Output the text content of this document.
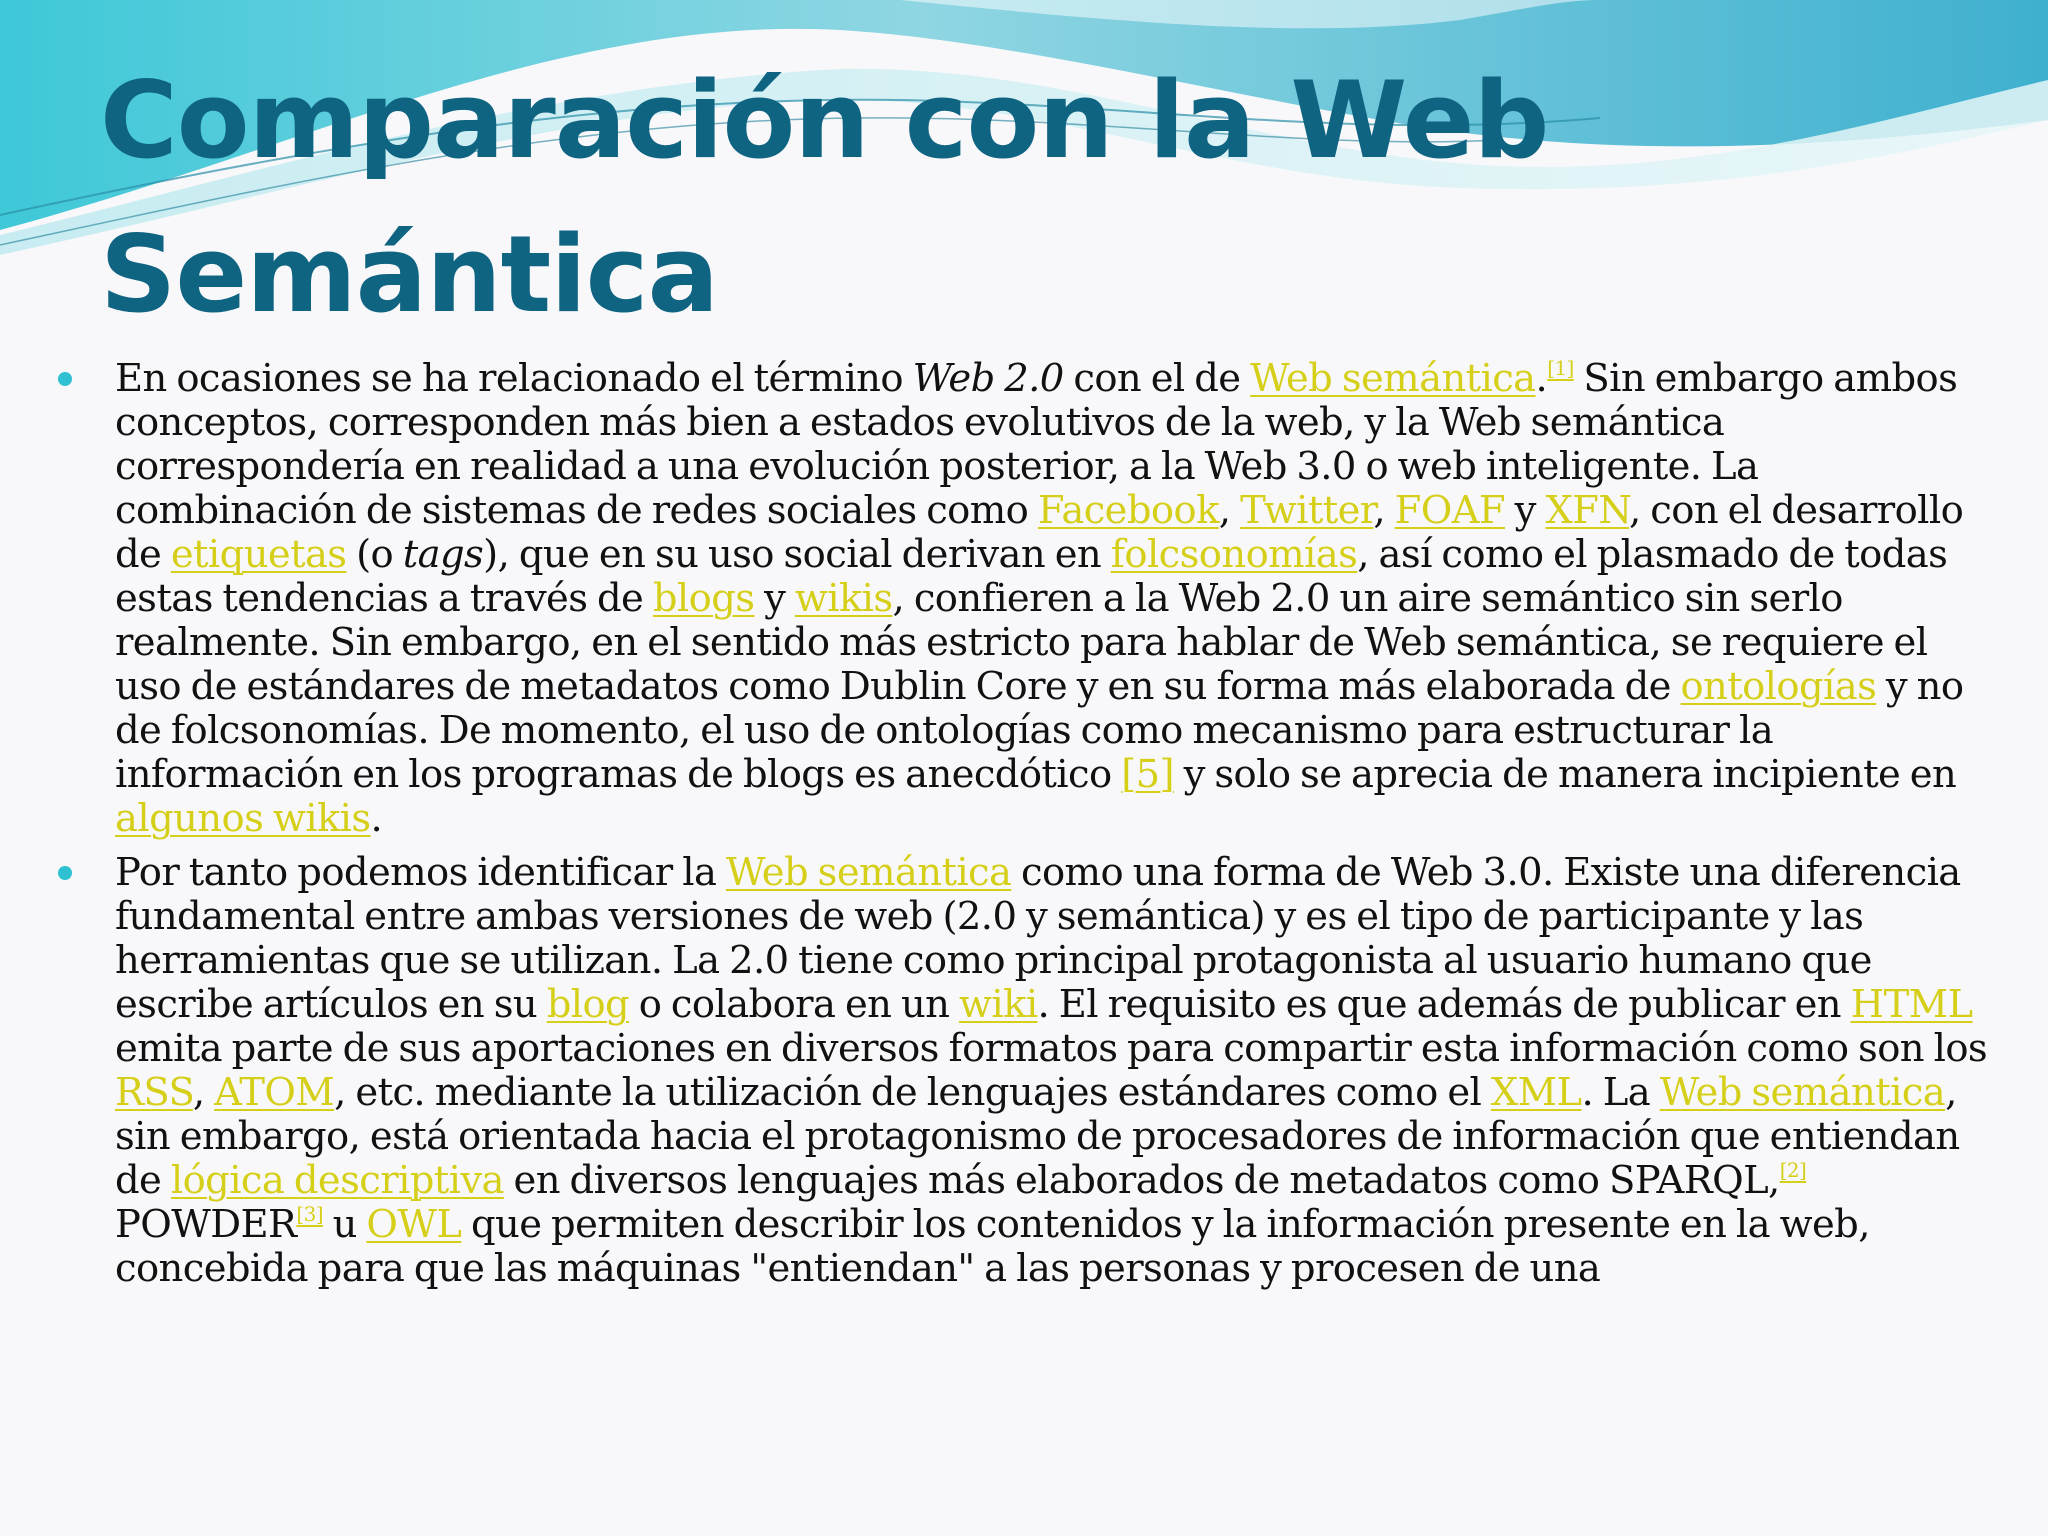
Comparación con la Web
Semántica
En ocasiones se ha relacionado el término Web 2.0 con el de Web semántica.[1] Sin embargo ambos conceptos, corresponden más bien a estados evolutivos de la web, y la Web semántica correspondería en realidad a una evolución posterior, a la Web 3.0 o web inteligente. La combinación de sistemas de redes sociales como Facebook, Twitter, FOAF y XFN, con el desarrollo de etiquetas (o tags), que en su uso social derivan en folcsonomías, así como el plasmado de todas estas tendencias a través de blogs y wikis, confieren a la Web 2.0 un aire semántico sin serlo realmente. Sin embargo, en el sentido más estricto para hablar de Web semántica, se requiere el uso de estándares de metadatos como Dublin Core y en su forma más elaborada de ontologías y no de folcsonomías. De momento, el uso de ontologías como mecanismo para estructurar la información en los programas de blogs es anecdótico [5] y solo se aprecia de manera incipiente en algunos wikis.
Por tanto podemos identificar la Web semántica como una forma de Web 3.0. Existe una diferencia fundamental entre ambas versiones de web (2.0 y semántica) y es el tipo de participante y las herramientas que se utilizan. La 2.0 tiene como principal protagonista al usuario humano que escribe artículos en su blog o colabora en un wiki. El requisito es que además de publicar en HTML emita parte de sus aportaciones en diversos formatos para compartir esta información como son los RSS, ATOM, etc. mediante la utilización de lenguajes estándares como el XML. La Web semántica, sin embargo, está orientada hacia el protagonismo de procesadores de información que entiendan de lógica descriptiva en diversos lenguajes más elaborados de metadatos como SPARQL,[2] POWDER[3] u OWL que permiten describir los contenidos y la información presente en la web, concebida para que las máquinas "entiendan" a las personas y procesen de una
